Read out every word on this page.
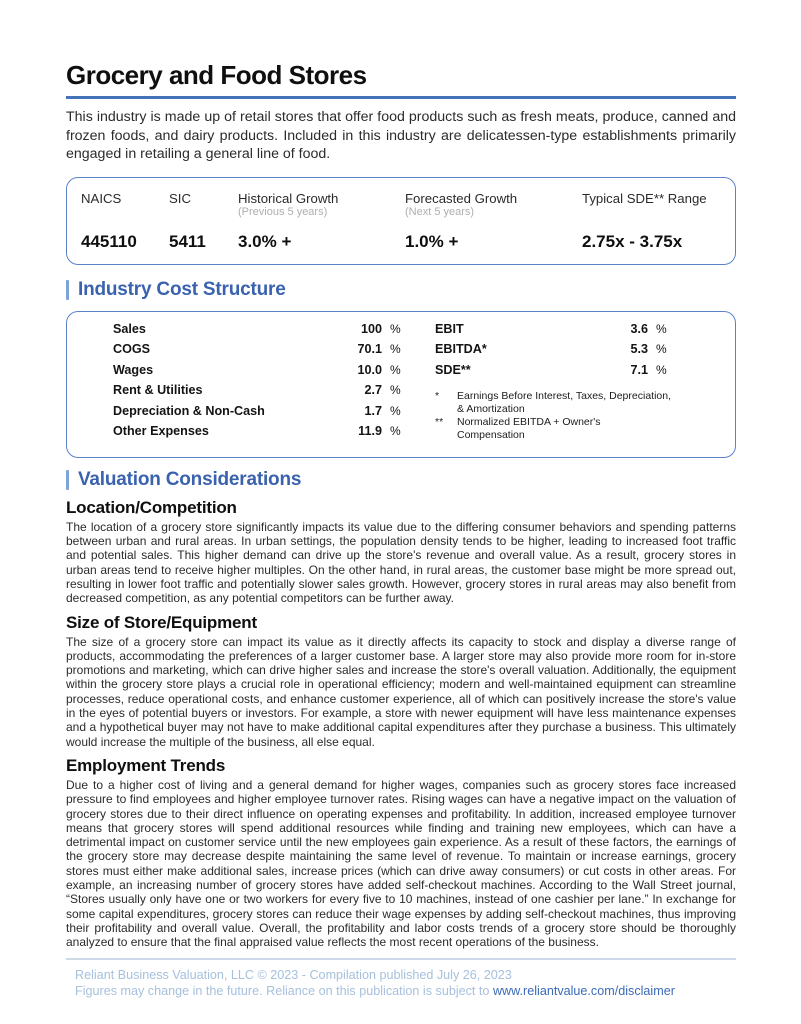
Grocery and Food Stores

This industry is made up of retail stores that offer food products such as fresh meats, produce, canned and frozen foods, and dairy products. Included in this industry are delicatessen-type establishments primarily engaged in retailing a general line of food.

NAICS
445110
SIC
5411
Historical Growth
(Previous 5 years)
3.0% +
Forecasted Growth
(Next 5 years)
1.0% +
Typical SDE** Range
2.75x - 3.75x
Industry Cost Structure
Sales	100 %
COGS	70.1 %
Wages	10.0 %
Rent & Utilities	2.7 %
Depreciation & Non-Cash	1.7 %
Other Expenses	11.9 %
EBIT	3.6 %
EBITDA*	5.3 %
SDE**	7.1 %
*	Earnings Before Interest, Taxes, Depreciation, & Amortization
**	Normalized EBITDA + Owner's Compensation
Valuation Considerations
Location/Competition

The location of a grocery store significantly impacts its value due to the differing consumer behaviors and spending patterns between urban and rural areas. In urban settings, the population density tends to be higher, leading to increased foot traffic and potential sales. This higher demand can drive up the store's revenue and overall value. As a result, grocery stores in urban areas tend to receive higher multiples. On the other hand, in rural areas, the customer base might be more spread out, resulting in lower foot traffic and potentially slower sales growth. However, grocery stores in rural areas may also benefit from decreased competition, as any potential competitors can be further away.

Size of Store/Equipment

The size of a grocery store can impact its value as it directly affects its capacity to stock and display a diverse range of products, accommodating the preferences of a larger customer base. A larger store may also provide more room for in-store promotions and marketing, which can drive higher sales and increase the store's overall valuation. Additionally, the equipment within the grocery store plays a crucial role in operational efficiency; modern and well-maintained equipment can streamline processes, reduce operational costs, and enhance customer experience, all of which can positively increase the store's value in the eyes of potential buyers or investors. For example, a store with newer equipment will have less maintenance expenses and a hypothetical buyer may not have to make additional capital expenditures after they purchase a business. This ultimately would increase the multiple of the business, all else equal.

Employment Trends

Due to a higher cost of living and a general demand for higher wages, companies such as grocery stores face increased pressure to find employees and higher employee turnover rates. Rising wages can have a negative impact on the valuation of grocery stores due to their direct influence on operating expenses and profitability. In addition, increased employee turnover means that grocery stores will spend additional resources while finding and training new employees, which can have a detrimental impact on customer service until the new employees gain experience. As a result of these factors, the earnings of the grocery store may decrease despite maintaining the same level of revenue. To maintain or increase earnings, grocery stores must either make additional sales, increase prices (which can drive away consumers) or cut costs in other areas. For example, an increasing number of grocery stores have added self-checkout machines. According to the Wall Street journal, “Stores usually only have one or two workers for every five to 10 machines, instead of one cashier per lane.” In exchange for some capital expenditures, grocery stores can reduce their wage expenses by adding self-checkout machines, thus improving their profitability and overall value. Overall, the profitability and labor costs trends of a grocery store should be thoroughly analyzed to ensure that the final appraised value reflects the most recent operations of the business.

Reliant Business Valuation, LLC © 2023 - Compilation published July 26, 2023
Figures may change in the future. Reliance on this publication is subject to www.reliantvalue.com/disclaimer
